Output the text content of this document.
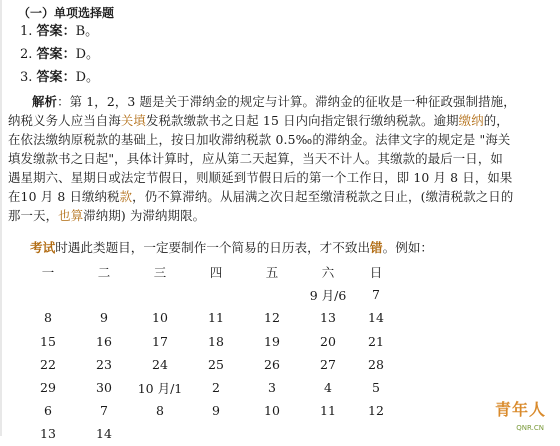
（一）单项选择题
1. 答案：B。
2. 答案：D。
3. 答案：D。
解析：第 1，2，3 题是关于滞纳金的规定与计算。滞纳金的征收是一种征政强制措施，
纳税义务人应当自海关填发税款缴款书之日起 15 日内向指定银行缴纳税款。逾期缴纳的，
在依法缴纳原税款的基础上，按日加收滞纳税款 0.5‰的滞纳金。法律文字的规定是 "海关
填发缴款书之日起"，具体计算时，应从第二天起算，当天不计人。其缴款的最后一日，如
遇星期六、星期日或法定节假日，则顺延到节假日后的第一个工作日，即 10 月 8 日，如果
在10 月 8 日缴纳税款，仍不算滞纳。从届满之次日起至缴清税款之日止，(缴清税款之日的
那一天，也算滞纳期) 为滞纳期限。
考试时遇此类题目，一定要制作一个简易的日历表，才不致出错。例如：
一	二	三	四	五	六	日
					9 月/6	7
8	9	10	11	12	13	14
15	16	17	18	19	20	21
22	23	24	25	26	27	28
29	30	10 月/1	2	3	4	5
6	7	8	9	10	11	12
13	14					
青年人
QNR.CN
